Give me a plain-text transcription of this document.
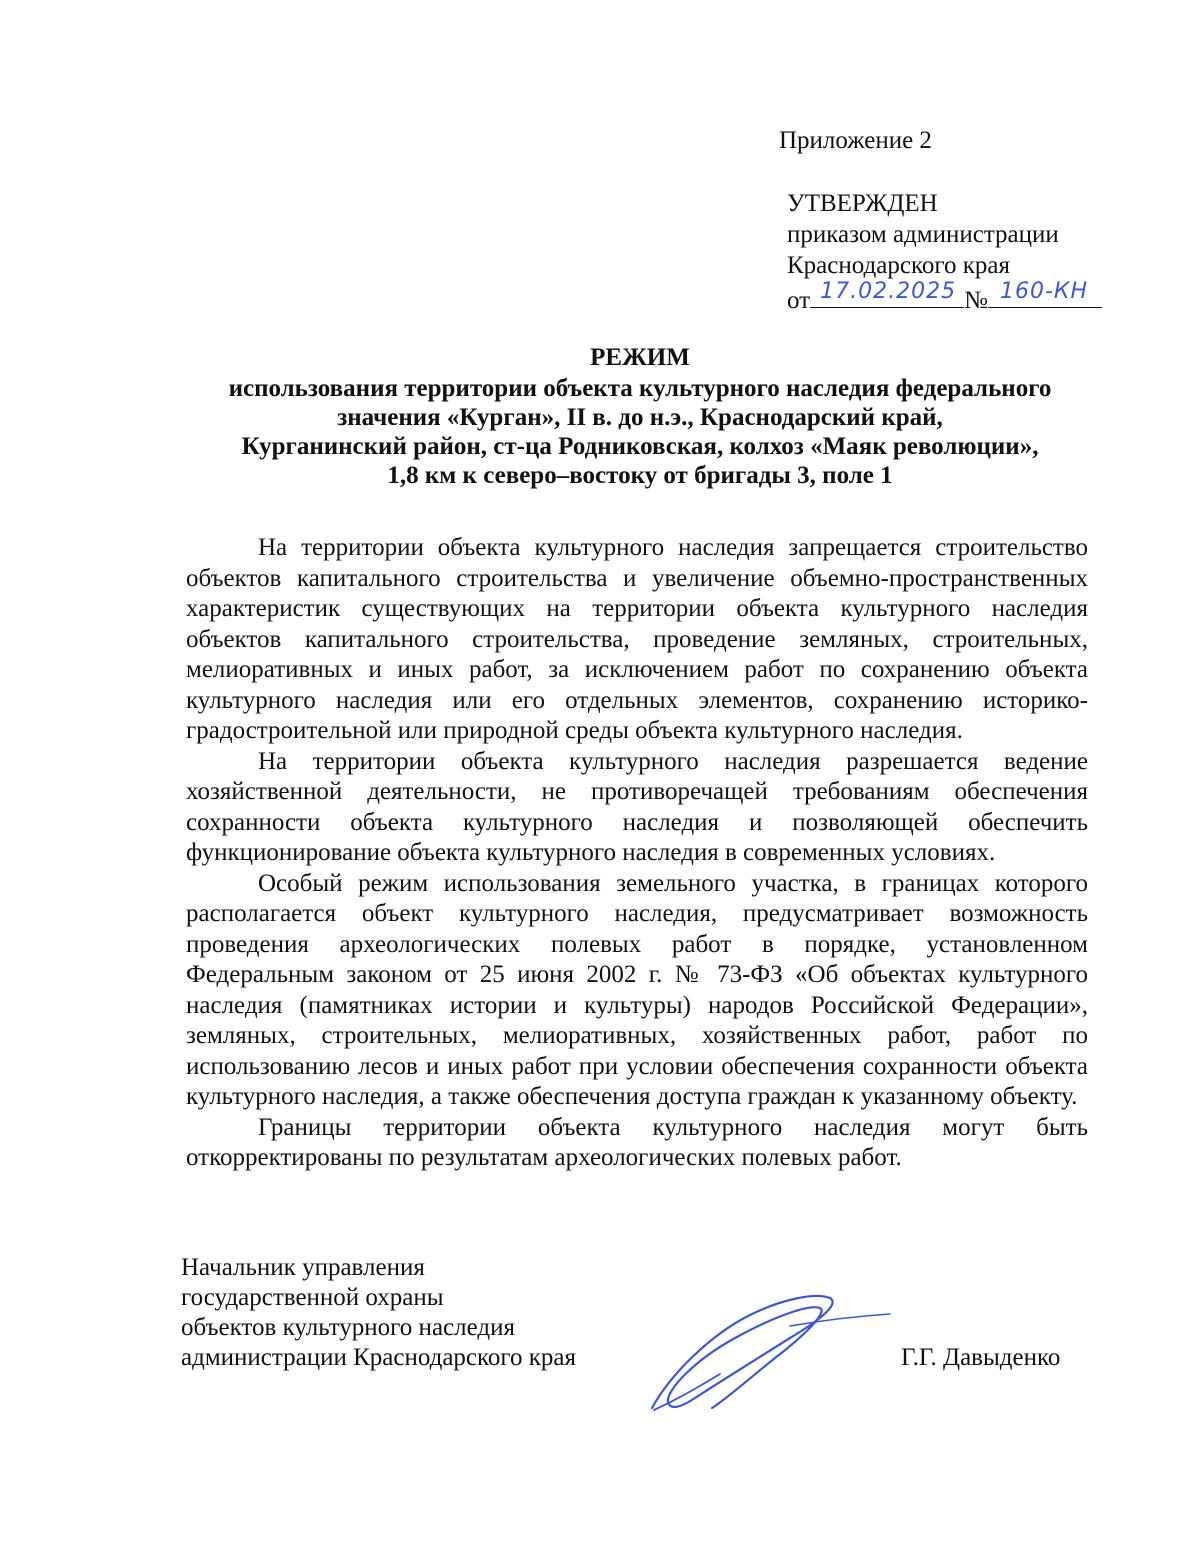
Приложение 2
УТВЕРЖДЕН
приказом администрации
Краснодарского края
от 17.02.2025 № 160-КН
РЕЖИМ
использования территории объекта культурного наследия федерального
значения «Курган», II в. до н.э., Краснодарский край,
Курганинский район, ст-ца Родниковская, колхоз «Маяк революции»,
1,8 км к северо–востоку от бригады 3, поле 1

На территории объекта культурного наследия запрещается строительство объектов капитального строительства и увеличение объемно-пространственных характеристик существующих на территории объекта культурного наследия объектов капитального строительства, проведение земляных, строительных, мелиоративных и иных работ, за исключением работ по сохранению объекта культурного наследия или его отдельных элементов, сохранению историко-градостроительной или природной среды объекта культурного наследия.

На территории объекта культурного наследия разрешается ведение хозяйственной деятельности, не противоречащей требованиям обеспечения сохранности объекта культурного наследия и позволяющей обеспечить функционирование объекта культурного наследия в современных условиях.

Особый режим использования земельного участка, в границах которого располагается объект культурного наследия, предусматривает возможность проведения археологических полевых работ в порядке, установленном Федеральным законом от 25 июня 2002 г. № 73-ФЗ «Об объектах культурного наследия (памятниках истории и культуры) народов Российской Федерации», земляных, строительных, мелиоративных, хозяйственных работ, работ по использованию лесов и иных работ при условии обеспечения сохранности объекта культурного наследия, а также обеспечения доступа граждан к указанному объекту.

Границы территории объекта культурного наследия могут быть откорректированы по результатам археологических полевых работ.

Начальник управления
государственной охраны
объектов культурного наследия
администрации Краснодарского края	Г.Г. Давыденко
